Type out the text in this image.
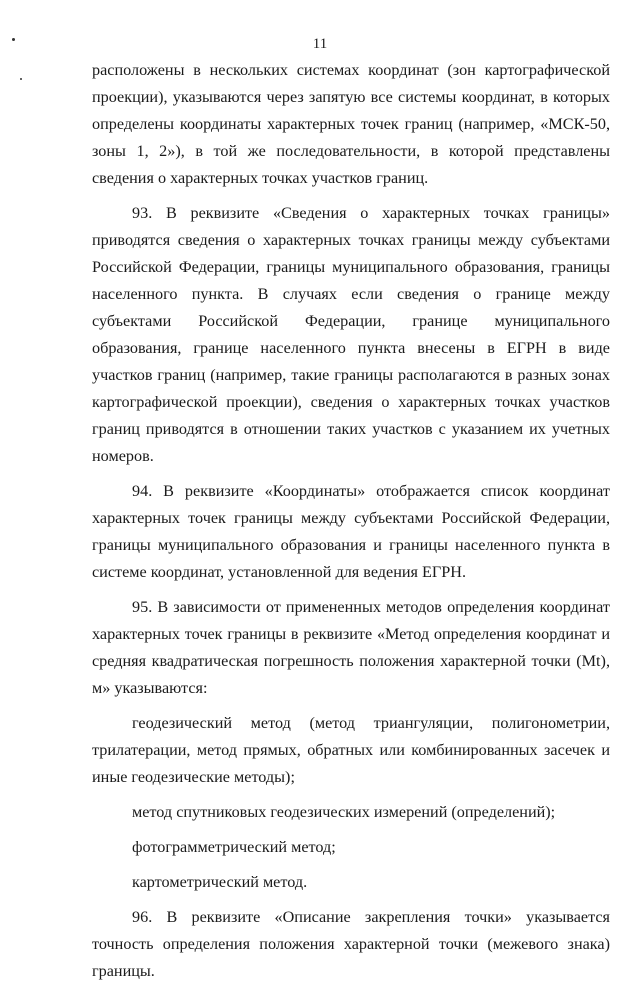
11

расположены в нескольких системах координат (зон картографической проекции), указываются через запятую все системы координат, в которых определены координаты характерных точек границ (например, «МСК-50, зоны 1, 2»), в той же последовательности, в которой представлены сведения о характерных точках участков границ.

93. В реквизите «Сведения о характерных точках границы» приводятся сведения о характерных точках границы между субъектами Российской Федерации, границы муниципального образования, границы населенного пункта. В случаях если сведения о границе между субъектами Российской Федерации, границе муниципального образования, границе населенного пункта внесены в ЕГРН в виде участков границ (например, такие границы располагаются в разных зонах картографической проекции), сведения о характерных точках участков границ приводятся в отношении таких участков с указанием их учетных номеров.

94. В реквизите «Координаты» отображается список координат характерных точек границы между субъектами Российской Федерации, границы муниципального образования и границы населенного пункта в системе координат, установленной для ведения ЕГРН.

95. В зависимости от примененных методов определения координат характерных точек границы в реквизите «Метод определения координат и средняя квадратическая погрешность положения характерной точки (Mt), м» указываются:

геодезический метод (метод триангуляции, полигонометрии, трилатерации, метод прямых, обратных или комбинированных засечек и иные геодезические методы);

метод спутниковых геодезических измерений (определений);

фотограмметрический метод;

картометрический метод.

96. В реквизите «Описание закрепления точки» указывается точность определения положения характерной точки (межевого знака) границы.
